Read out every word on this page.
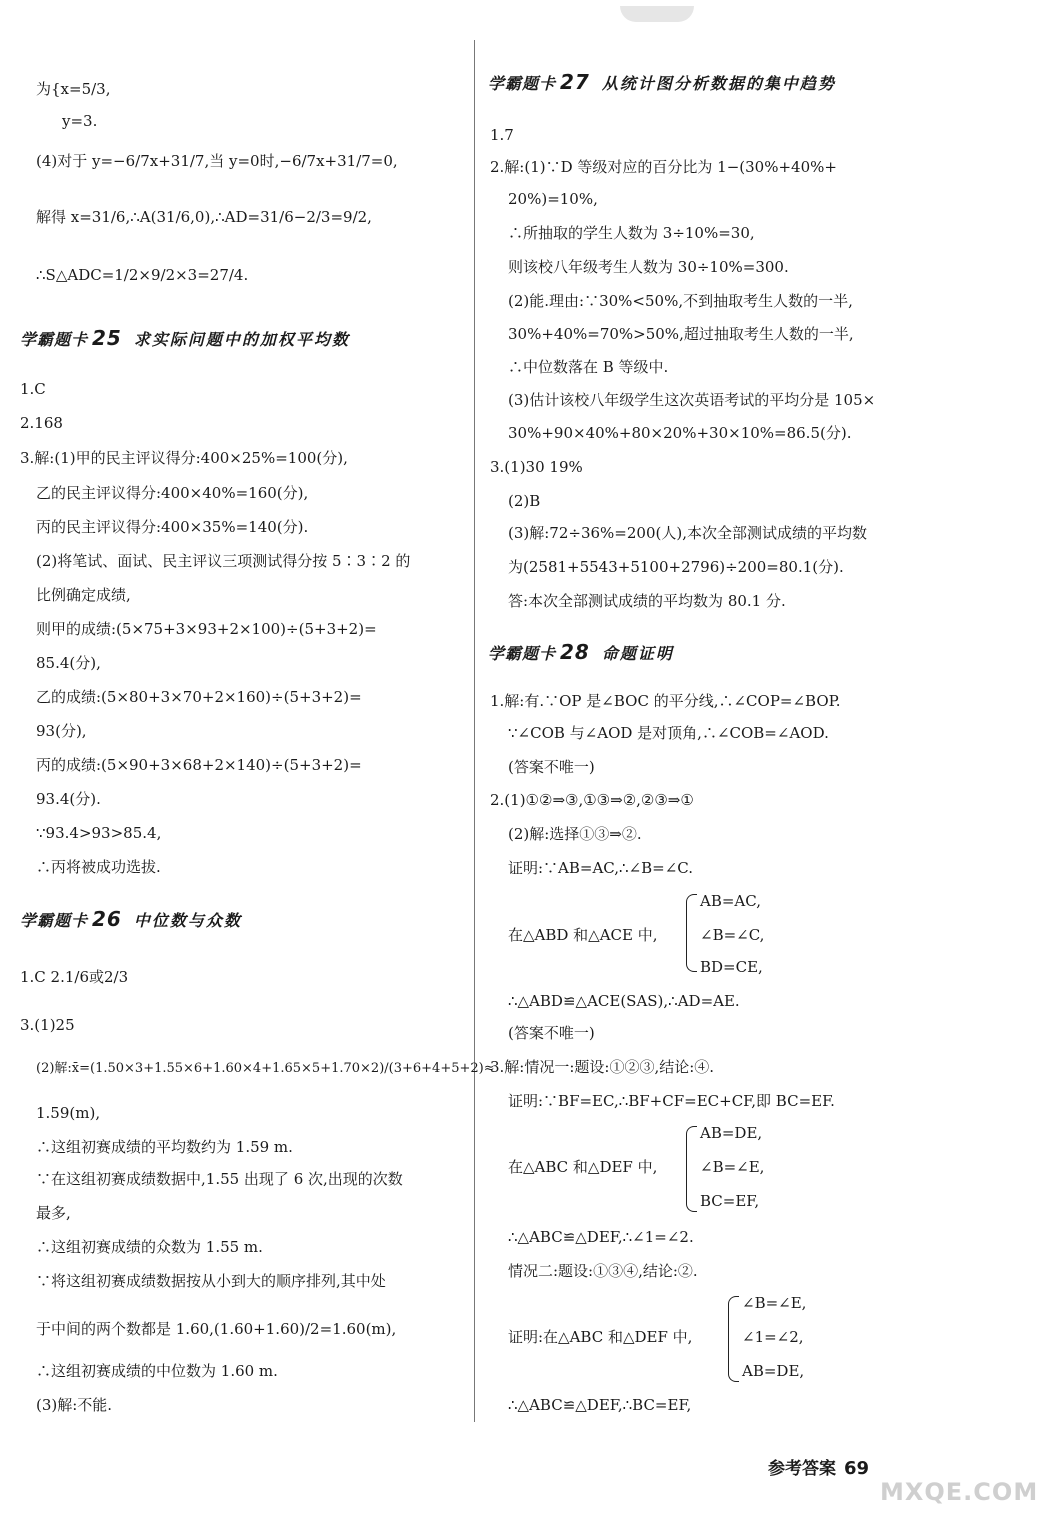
为{x=5/3,
y=3.
(4)对于 y=−6/7x+31/7,当 y=0时,−6/7x+31/7=0,
解得 x=31/6,∴A(31/6,0),∴AD=31/6−2/3=9/2,
∴S△ADC=1/2×9/2×3=27/4.
学霸题卡 25 求实际问题中的加权平均数
1.C
2.168
3.解:(1)甲的民主评议得分:400×25%=100(分),
乙的民主评议得分:400×40%=160(分),
丙的民主评议得分:400×35%=140(分).
(2)将笔试、面试、民主评议三项测试得分按 5∶3∶2 的
比例确定成绩,
则甲的成绩:(5×75+3×93+2×100)÷(5+3+2)=
85.4(分),
乙的成绩:(5×80+3×70+2×160)÷(5+3+2)=
93(分),
丙的成绩:(5×90+3×68+2×140)÷(5+3+2)=
93.4(分).
∵93.4>93>85.4,
∴丙将被成功选拔.
学霸题卡 26 中位数与众数
1.C 2.1/6或2/3
3.(1)25
(2)解:x̄=(1.50×3+1.55×6+1.60×4+1.65×5+1.70×2)/(3+6+4+5+2)≈
1.59(m),
∴这组初赛成绩的平均数约为 1.59 m.
∵在这组初赛成绩数据中,1.55 出现了 6 次,出现的次数
最多,
∴这组初赛成绩的众数为 1.55 m.
∵将这组初赛成绩数据按从小到大的顺序排列,其中处
于中间的两个数都是 1.60,(1.60+1.60)/2=1.60(m),
∴这组初赛成绩的中位数为 1.60 m.
(3)解:不能.
学霸题卡 27 从统计图分析数据的集中趋势
1.7
2.解:(1)∵D 等级对应的百分比为 1−(30%+40%+
20%)=10%,
∴所抽取的学生人数为 3÷10%=30,
则该校八年级考生人数为 30÷10%=300.
(2)能.理由:∵30%<50%,不到抽取考生人数的一半,
30%+40%=70%>50%,超过抽取考生人数的一半,
∴中位数落在 B 等级中.
(3)估计该校八年级学生这次英语考试的平均分是 105×
30%+90×40%+80×20%+30×10%=86.5(分).
3.(1)30 19%
(2)B
(3)解:72÷36%=200(人),本次全部测试成绩的平均数
为(2581+5543+5100+2796)÷200=80.1(分).
答:本次全部测试成绩的平均数为 80.1 分.
学霸题卡 28 命题证明
1.解:有.∵OP 是∠BOC 的平分线,∴∠COP=∠BOP.
∵∠COB 与∠AOD 是对顶角,∴∠COB=∠AOD.
(答案不唯一)
2.(1)①②⇒③,①③⇒②,②③⇒①
(2)解:选择①③⇒②.
证明:∵AB=AC,∴∠B=∠C.
AB=AC,
在△ABD 和△ACE 中,	∠B=∠C,
BD=CE,
∴△ABD≌△ACE(SAS),∴AD=AE.
(答案不唯一)
3.解:情况一:题设:①②③,结论:④.
证明:∵BF=EC,∴BF+CF=EC+CF,即 BC=EF.
AB=DE,
在△ABC 和△DEF 中,	∠B=∠E,
BC=EF,
∴△ABC≌△DEF,∴∠1=∠2.
情况二:题设:①③④,结论:②.
∠B=∠E,
证明:在△ABC 和△DEF 中,	∠1=∠2,
AB=DE,
∴△ABC≌△DEF,∴BC=EF,
参考答案 69
MXQE.COM
